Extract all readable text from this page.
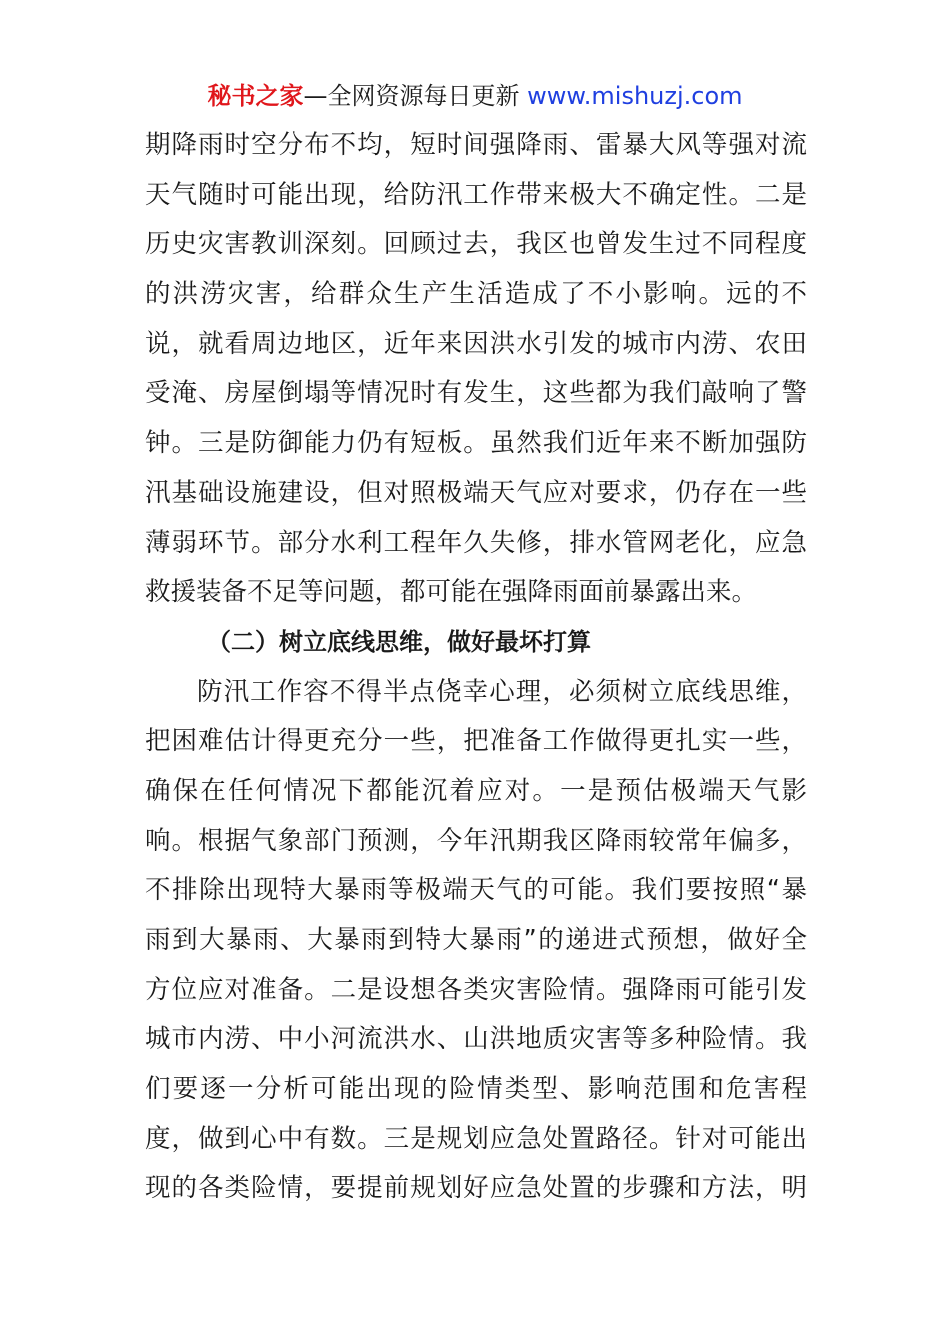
秘书之家—全网资源每日更新 www.mishuzj.com
期降雨时空分布不均，短时间强降雨、雷暴大风等强对流
天气随时可能出现，给防汛工作带来极大不确定性。二是
历史灾害教训深刻。回顾过去，我区也曾发生过不同程度
的洪涝灾害，给群众生产生活造成了不小影响。远的不
说，就看周边地区，近年来因洪水引发的城市内涝、农田
受淹、房屋倒塌等情况时有发生，这些都为我们敲响了警
钟。三是防御能力仍有短板。虽然我们近年来不断加强防
汛基础设施建设，但对照极端天气应对要求，仍存在一些
薄弱环节。部分水利工程年久失修，排水管网老化，应急
救援装备不足等问题，都可能在强降雨面前暴露出来。
（二）树立底线思维，做好最坏打算
防汛工作容不得半点侥幸心理，必须树立底线思维，
把困难估计得更充分一些，把准备工作做得更扎实一些，
确保在任何情况下都能沉着应对。一是预估极端天气影
响。根据气象部门预测，今年汛期我区降雨较常年偏多，
不排除出现特大暴雨等极端天气的可能。我们要按照“暴
雨到大暴雨、大暴雨到特大暴雨”的递进式预想，做好全
方位应对准备。二是设想各类灾害险情。强降雨可能引发
城市内涝、中小河流洪水、山洪地质灾害等多种险情。我
们要逐一分析可能出现的险情类型、影响范围和危害程
度，做到心中有数。三是规划应急处置路径。针对可能出
现的各类险情，要提前规划好应急处置的步骤和方法，明
